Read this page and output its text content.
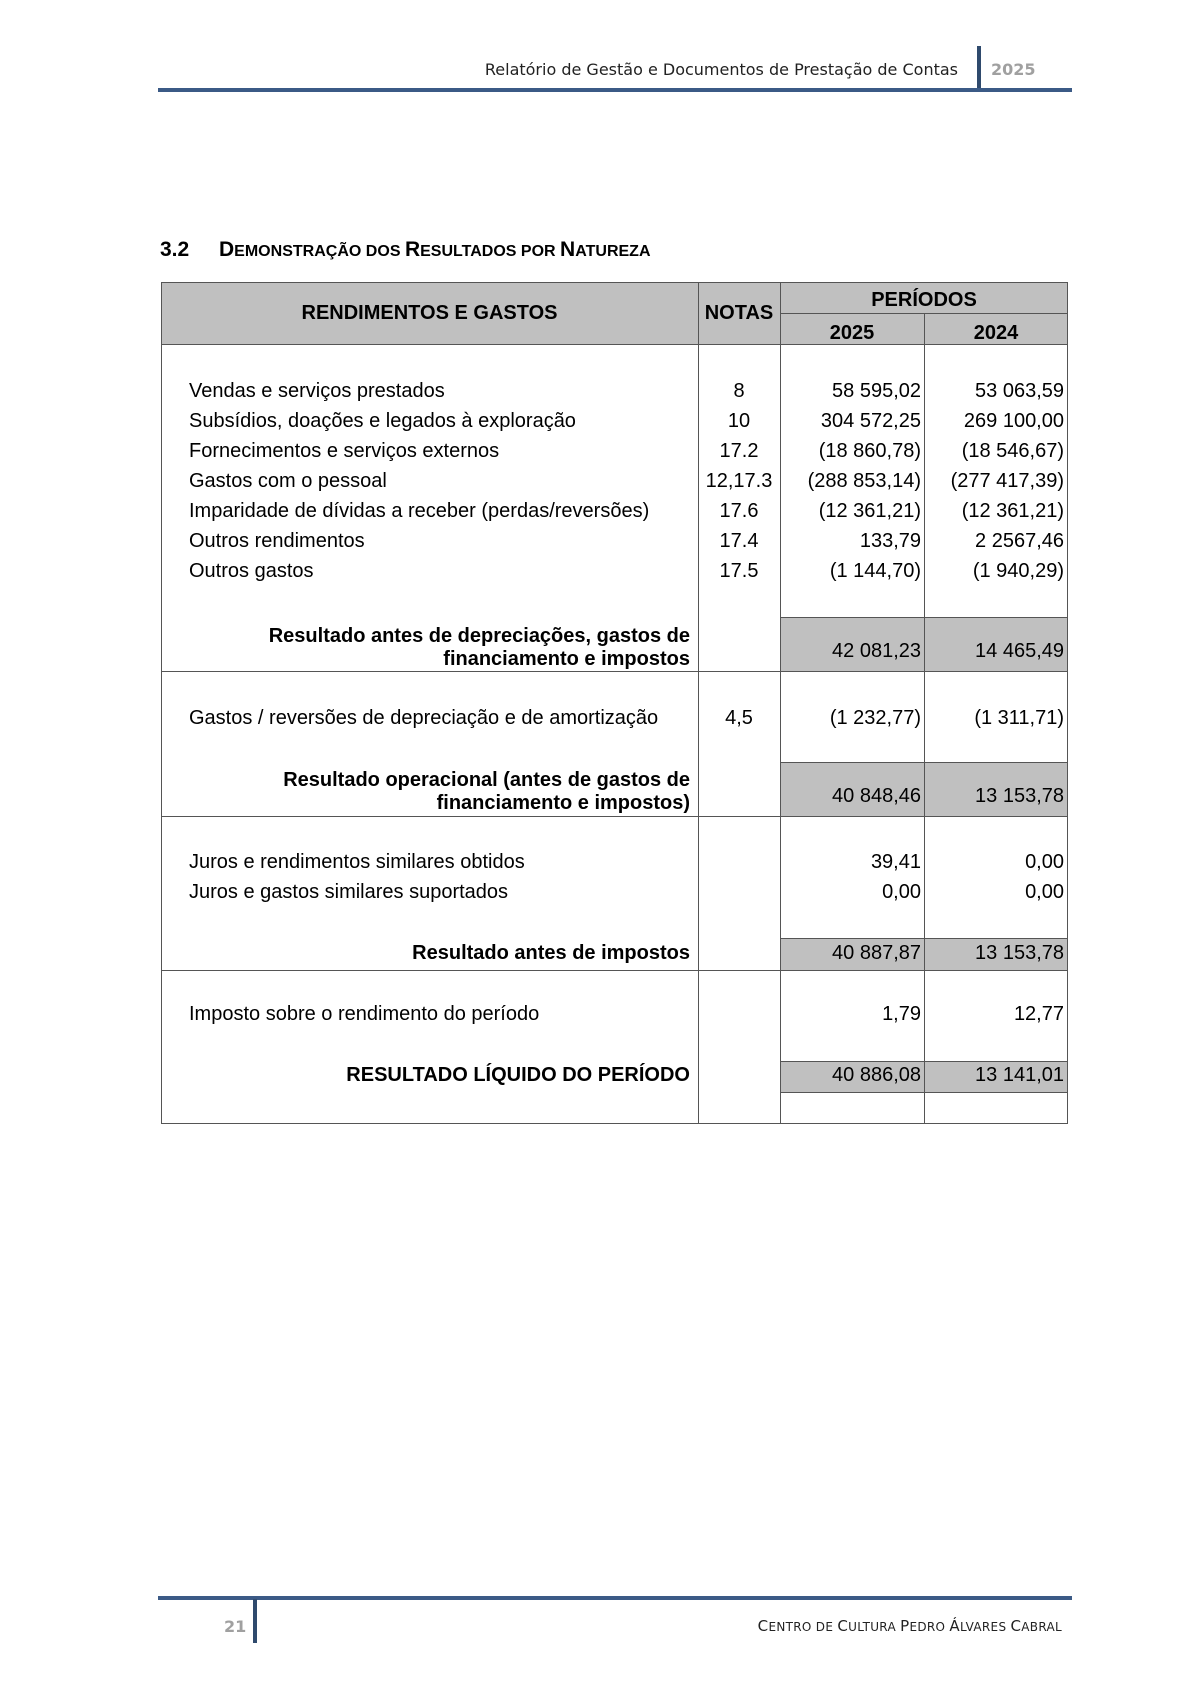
Relatório de Gestão e Documentos de Prestação de Contas 2025
3.2 DEMONSTRAÇÃO DOS RESULTADOS POR NATUREZA
RENDIMENTOS E GASTOS	NOTAS
PERÍODOS
2025	2024
Vendas e serviços prestados	8	58 595,02	53 063,59
Subsídios, doações e legados à exploração	10	304 572,25	269 100,00
Fornecimentos e serviços externos	17.2	(18 860,78)	(18 546,67)
Gastos com o pessoal	12,17.3	(288 853,14)	(277 417,39)
Imparidade de dívidas a receber (perdas/reversões)	17.6	(12 361,21)	(12 361,21)
Outros rendimentos	17.4	133,79	2 2567,46
Outros gastos	17.5	(1 144,70)	(1 940,29)
Resultado antes de depreciações, gastos de
financiamento e impostos	42 081,23	14 465,49
Gastos / reversões de depreciação e de amortização	4,5	(1 232,77)	(1 311,71)
Resultado operacional (antes de gastos de
financiamento e impostos)	40 848,46	13 153,78
Juros e rendimentos similares obtidos	39,41	0,00
Juros e gastos similares suportados	0,00	0,00
Resultado antes de impostos	40 887,87	13 153,78
Imposto sobre o rendimento do período	1,79	12,77
RESULTADO LÍQUIDO DO PERÍODO	40 886,08	13 141,01
21	CENTRO DE CULTURA PEDRO ÁLVARES CABRAL
